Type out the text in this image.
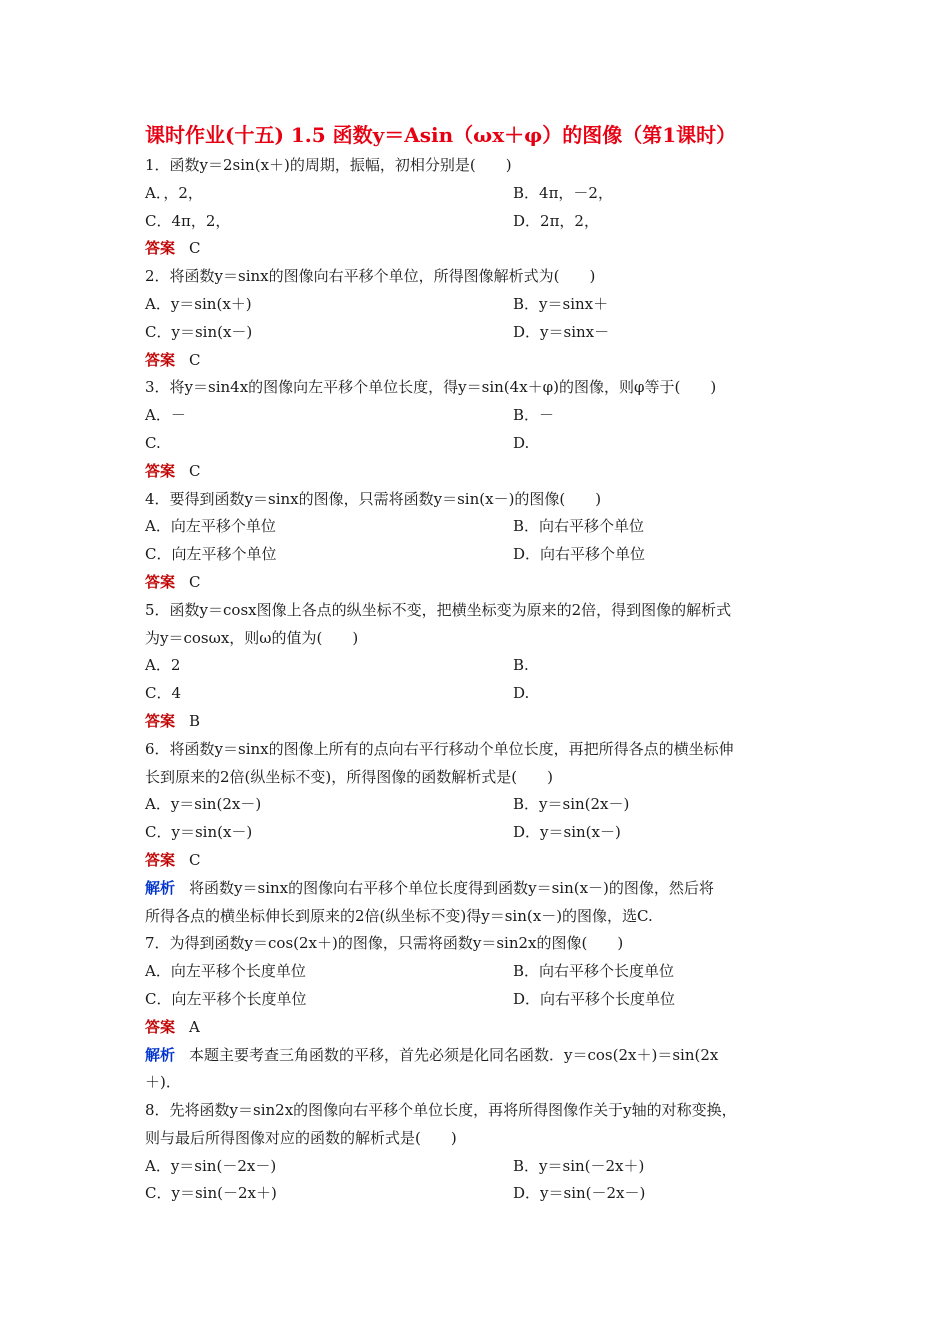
课时作业(十五) 1.5 函数y＝Asin（ωx＋φ）的图像（第1课时）
1．函数y＝2sin(x＋)的周期，振幅，初相分别是(　　)
A．，2，	B．4π，－2，
C．4π，2，	D．2π，2，
答案 C
2．将函数y＝sinx的图像向右平移个单位，所得图像解析式为(　　)
A．y＝sin(x＋)	B．y＝sinx＋
C．y＝sin(x－)	D．y＝sinx－
答案 C
3．将y＝sin4x的图像向左平移个单位长度，得y＝sin(4x＋φ)的图像，则φ等于(　　)
A．－	B．－
C.	D.
答案 C
4．要得到函数y＝sinx的图像，只需将函数y＝sin(x－)的图像(　　)
A．向左平移个单位	B．向右平移个单位
C．向左平移个单位	D．向右平移个单位
答案 C
5．函数y＝cosx图像上各点的纵坐标不变，把横坐标变为原来的2倍，得到图像的解析式
为y＝cosωx，则ω的值为(　　)
A．2	B.
C．4	D.
答案 B
6．将函数y＝sinx的图像上所有的点向右平行移动个单位长度，再把所得各点的横坐标伸
长到原来的2倍(纵坐标不变)，所得图像的函数解析式是(　　)
A．y＝sin(2x－)	B．y＝sin(2x－)
C．y＝sin(x－)	D．y＝sin(x－)
答案 C
解析 将函数y＝sinx的图像向右平移个单位长度得到函数y＝sin(x－)的图像，然后将
所得各点的横坐标伸长到原来的2倍(纵坐标不变)得y＝sin(x－)的图像，选C.
7．为得到函数y＝cos(2x＋)的图像，只需将函数y＝sin2x的图像(　　)
A．向左平移个长度单位	B．向右平移个长度单位
C．向左平移个长度单位	D．向右平移个长度单位
答案 A
解析 本题主要考查三角函数的平移，首先必须是化同名函数．y＝cos(2x＋)＝sin(2x
＋)．
8．先将函数y＝sin2x的图像向右平移个单位长度，再将所得图像作关于y轴的对称变换，
则与最后所得图像对应的函数的解析式是(　　)
A．y＝sin(－2x－)	B．y＝sin(－2x＋)
C．y＝sin(－2x＋)	D．y＝sin(－2x－)
